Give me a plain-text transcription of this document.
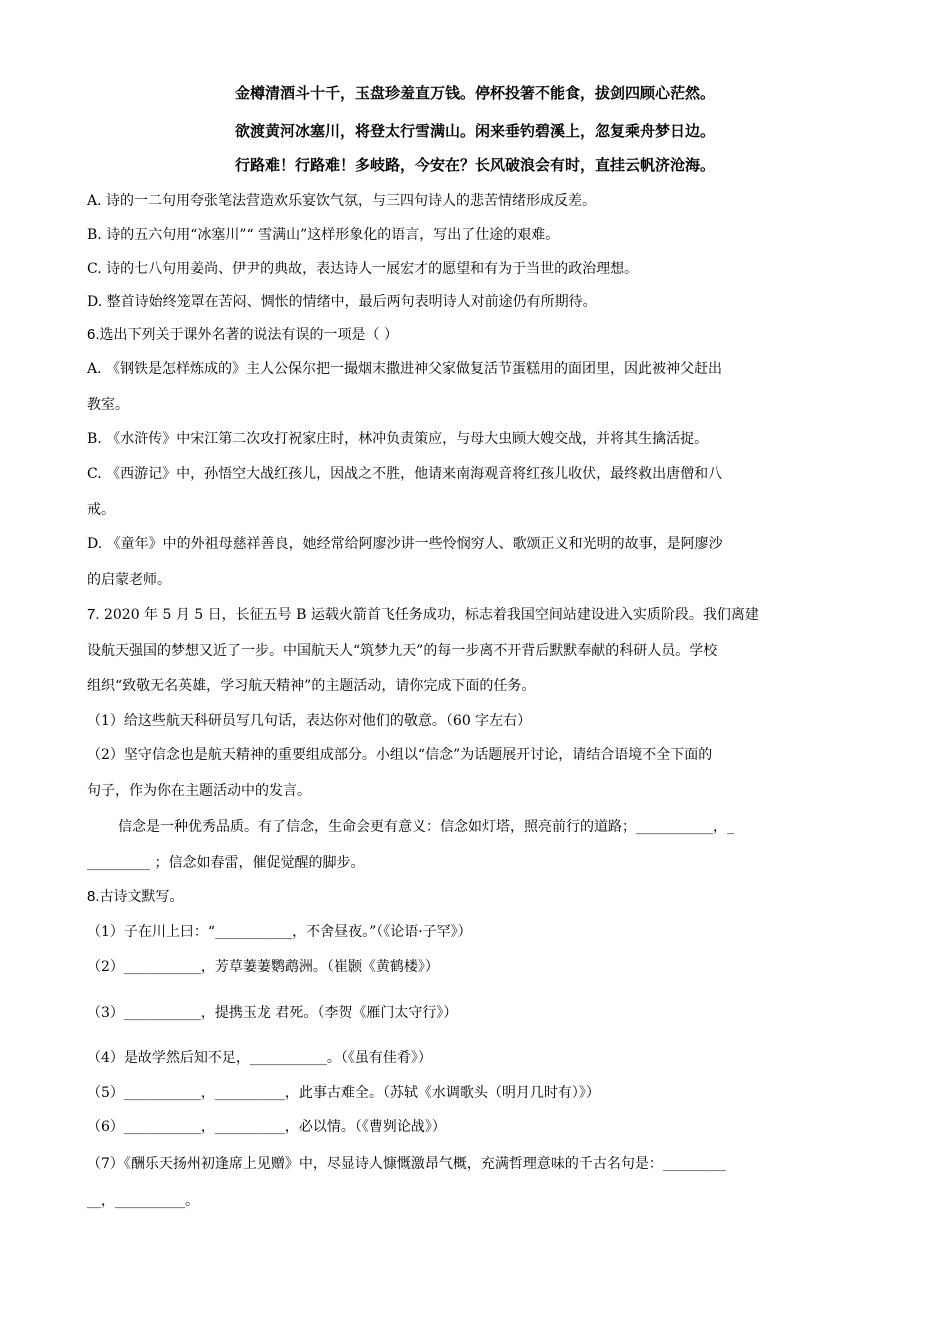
金樽清酒斗十千，玉盘珍羞直万钱。停杯投箸不能食，拔剑四顾心茫然。
欲渡黄河冰塞川，将登太行雪满山。闲来垂钓碧溪上，忽复乘舟梦日边。
行路难！行路难！多岐路，今安在？长风破浪会有时，直挂云帆济沧海。
A. 诗的一二句用夸张笔法营造欢乐宴饮气氛，与三四句诗人的悲苦情绪形成反差。
B. 诗的五六句用“冰塞川”“ 雪满山”这样形象化的语言，写出了仕途的艰难。
C. 诗的七八句用姜尚、伊尹的典故，表达诗人一展宏才的愿望和有为于当世的政治理想。
D. 整首诗始终笼罩在苦闷、惆怅的情绪中，最后两句表明诗人对前途仍有所期待。
6.选出下列关于课外名著的说法有误的一项是（ ）
A. 《钢铁是怎样炼成的》主人公保尔把一撮烟末撒进神父家做复活节蛋糕用的面团里，因此被神父赶出
教室。
B. 《水浒传》中宋江第二次攻打祝家庄时，林冲负责策应，与母大虫顾大嫂交战，并将其生擒活捉。
C. 《西游记》中，孙悟空大战红孩儿，因战之不胜，他请来南海观音将红孩儿收伏，最终救出唐僧和八
戒。
D. 《童年》中的外祖母慈祥善良，她经常给阿廖沙讲一些怜悯穷人、歌颂正义和光明的故事，是阿廖沙
的启蒙老师。
7. 2020 年 5 月 5 日，长征五号 B 运载火箭首飞任务成功，标志着我国空间站建设进入实质阶段。我们离建
设航天强国的梦想又近了一步。中国航天人“筑梦九天”的每一步离不开背后默默奉献的科研人员。学校
组织“致敬无名英雄，学习航天精神”的主题活动，请你完成下面的任务。
（1）给这些航天科研员写几句话，表达你对他们的敬意。（60 字左右）
（2）坚守信念也是航天精神的重要组成部分。小组以“信念”为话题展开讨论，请结合语境不全下面的
句子，作为你在主题活动中的发言。
信念是一种优秀品质。有了信念，生命会更有意义：信念如灯塔，照亮前行的道路；___________，_
_________ ；信念如春雷，催促觉醒的脚步。
8.古诗文默写。
（1）子在川上曰：“___________，不舍昼夜。”（《论语·子罕》）
（2）___________，芳草萋萋鹦鹉洲。（崔颢《黄鹤楼》）
（3）___________，提携玉龙 君死。（李贺《雁门太守行》）
（4）是故学然后知不足，___________。（《虽有佳肴》）
（5）___________，__________，此事古难全。（苏轼《水调歌头（明月几时有）》）
（6）___________，__________，必以情。（《曹刿论战》）
（7）《酬乐天扬州初逢席上见赠》中，尽显诗人慷慨激昂气概，充满哲理意味的千古名句是：_________
__，__________。
